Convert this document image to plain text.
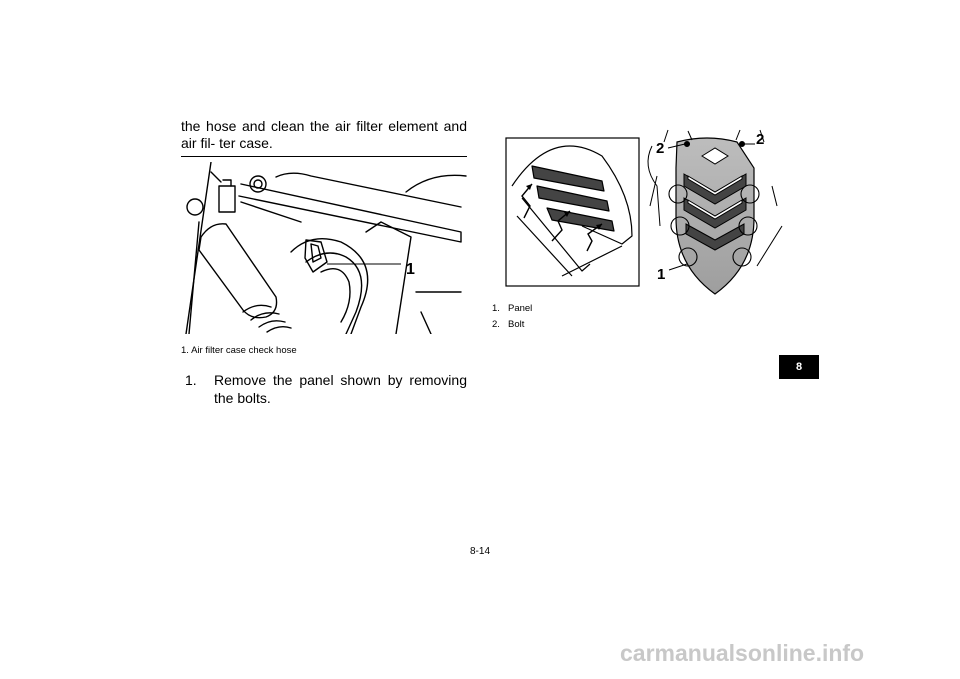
the hose and clean the air filter element and air fil- ter case.
1
1. Air filter case check hose
1. Remove the panel shown by removing the bolts.
2
2
1
1. Panel
2. Bolt
8
8-14
carmanualsonline.info
